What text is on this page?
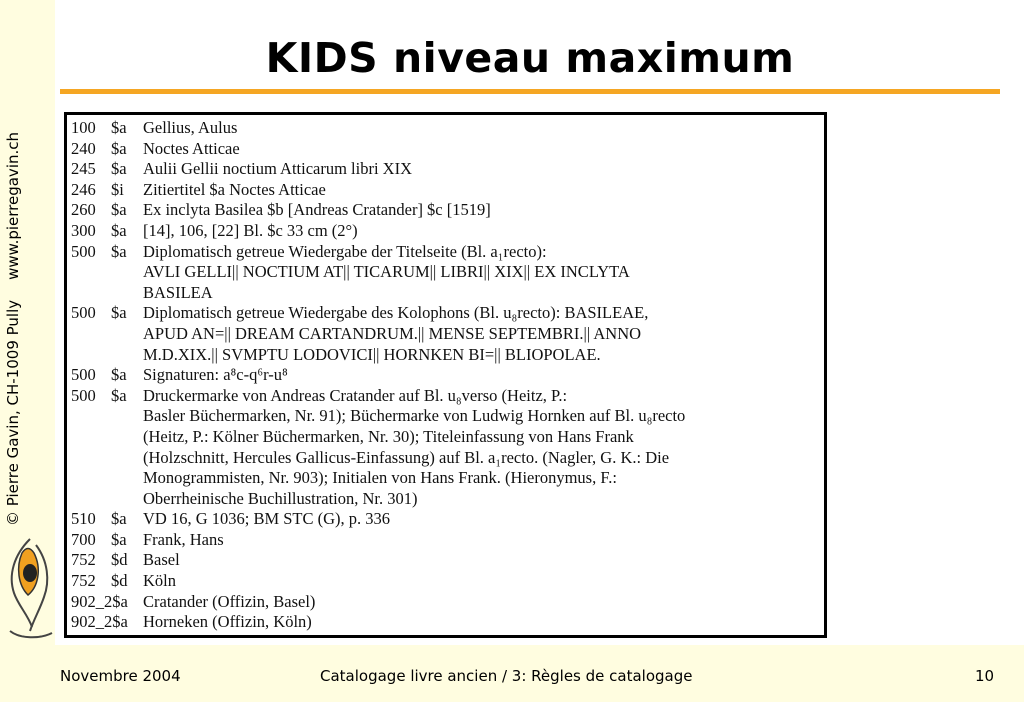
© Pierre Gavin, CH-1009 Pullywww.pierregavin.ch
KIDS niveau maximum
100 $a Gellius, Aulus
240 $a Noctes Atticae
245 $a Aulii Gellii noctium Atticarum libri XIX
246 $i	Zitiertitel $a Noctes Atticae
260 $a Ex inclyta Basilea $b [Andreas Cratander] $c [1519]
300 $a [14], 106, [22] Bl. $c 33 cm (2°)
500 $a Diplomatisch getreue Wiedergabe der Titelseite (Bl. a₁recto):
AVLI GELLI|| NOCTIUM AT|| TICARUM|| LIBRI|| XIX|| EX INCLYTA
BASILEA
500 $a Diplomatisch getreue Wiedergabe des Kolophons (Bl. u₈recto): BASILEAE,
APUD AN=|| DREAM CARTANDRUM.|| MENSE SEPTEMBRI.|| ANNO
M.D.XIX.|| SVMPTU LODOVICI|| HORNKEN BI=|| BLIOPOLAE.
500 $a Signaturen: a⁸c-q⁶r-u⁸
500 $a Druckermarke von Andreas Cratander auf Bl. u₈verso (Heitz, P.:
Basler Büchermarken, Nr. 91); Büchermarke von Ludwig Hornken auf Bl. u₈recto
(Heitz, P.: Kölner Büchermarken, Nr. 30); Titeleinfassung von Hans Frank
(Holzschnitt, Hercules Gallicus-Einfassung) auf Bl. a₁recto. (Nagler, G. K.: Die
Monogrammisten, Nr. 903); Initialen von Hans Frank. (Hieronymus, F.:
Oberrheinische Buchillustration, Nr. 301)
510 $a VD 16, G 1036; BM STC (G), p. 336
700 $a Frank, Hans
752 $d Basel
752 $d Köln
902_2$a Cratander (Offizin, Basel)
902_2$a Horneken (Offizin, Köln)
Novembre 2004	Catalogage livre ancien / 3: Règles de catalogage	10
